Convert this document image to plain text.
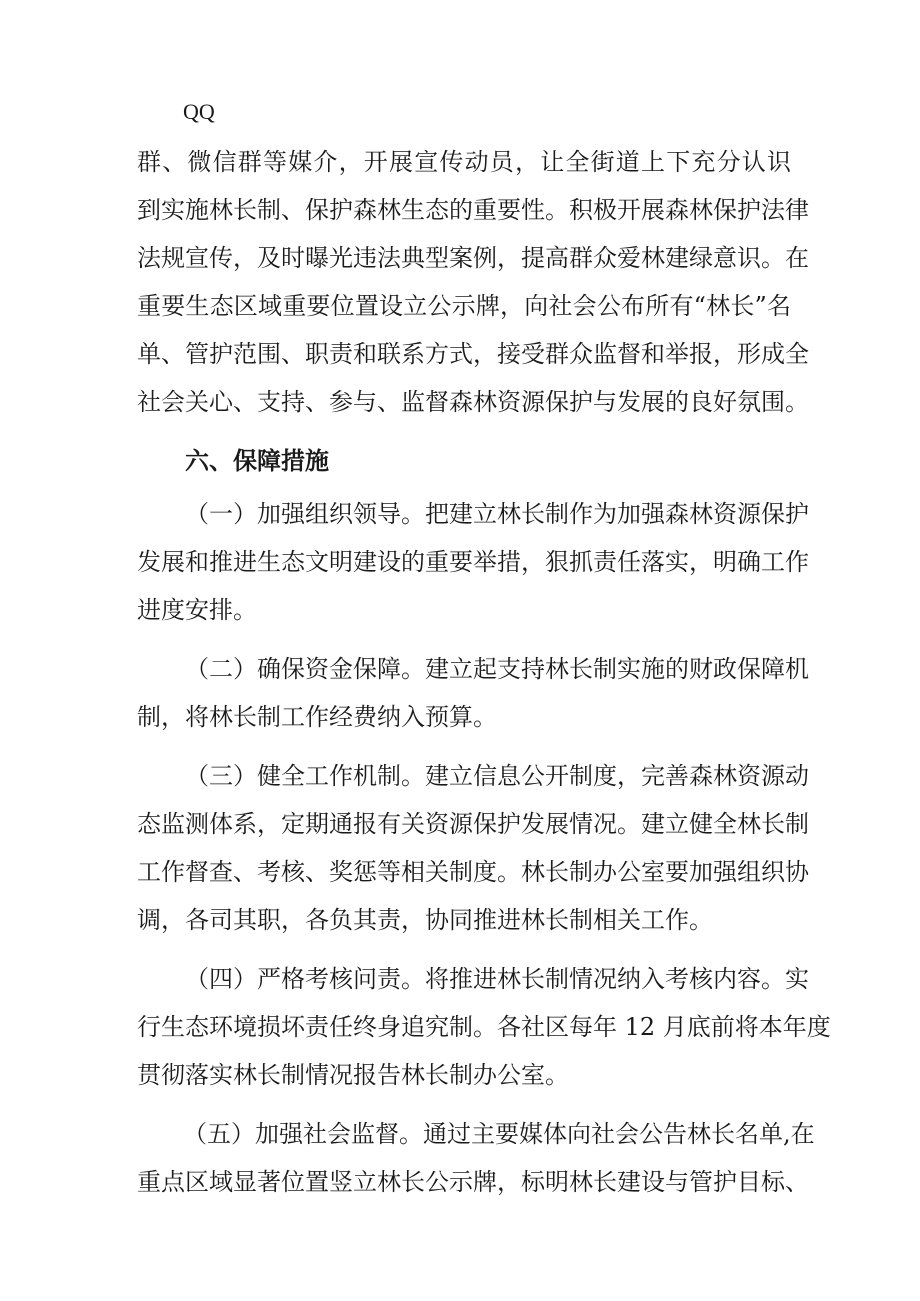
QQ
群、微信群等媒介，开展宣传动员，让全街道上下充分认识
到实施林长制、保护森林生态的重要性。积极开展森林保护法律
法规宣传，及时曝光违法典型案例，提高群众爱林建绿意识。在
重要生态区域重要位置设立公示牌，向社会公布所有“林长”名
单、管护范围、职责和联系方式，接受群众监督和举报，形成全
社会关心、支持、参与、监督森林资源保护与发展的良好氛围。
六、保障措施
（一）加强组织领导。把建立林长制作为加强森林资源保护
发展和推进生态文明建设的重要举措，狠抓责任落实，明确工作
进度安排。
（二）确保资金保障。建立起支持林长制实施的财政保障机
制，将林长制工作经费纳入预算。
（三）健全工作机制。建立信息公开制度，完善森林资源动
态监测体系，定期通报有关资源保护发展情况。建立健全林长制
工作督查、考核、奖惩等相关制度。林长制办公室要加强组织协
调，各司其职，各负其责，协同推进林长制相关工作。
（四）严格考核问责。将推进林长制情况纳入考核内容。实
行生态环境损坏责任终身追究制。各社区每年 12 月底前将本年度
贯彻落实林长制情况报告林长制办公室。
（五）加强社会监督。通过主要媒体向社会公告林长名单,在
重点区域显著位置竖立林长公示牌，标明林长建设与管护目标、
